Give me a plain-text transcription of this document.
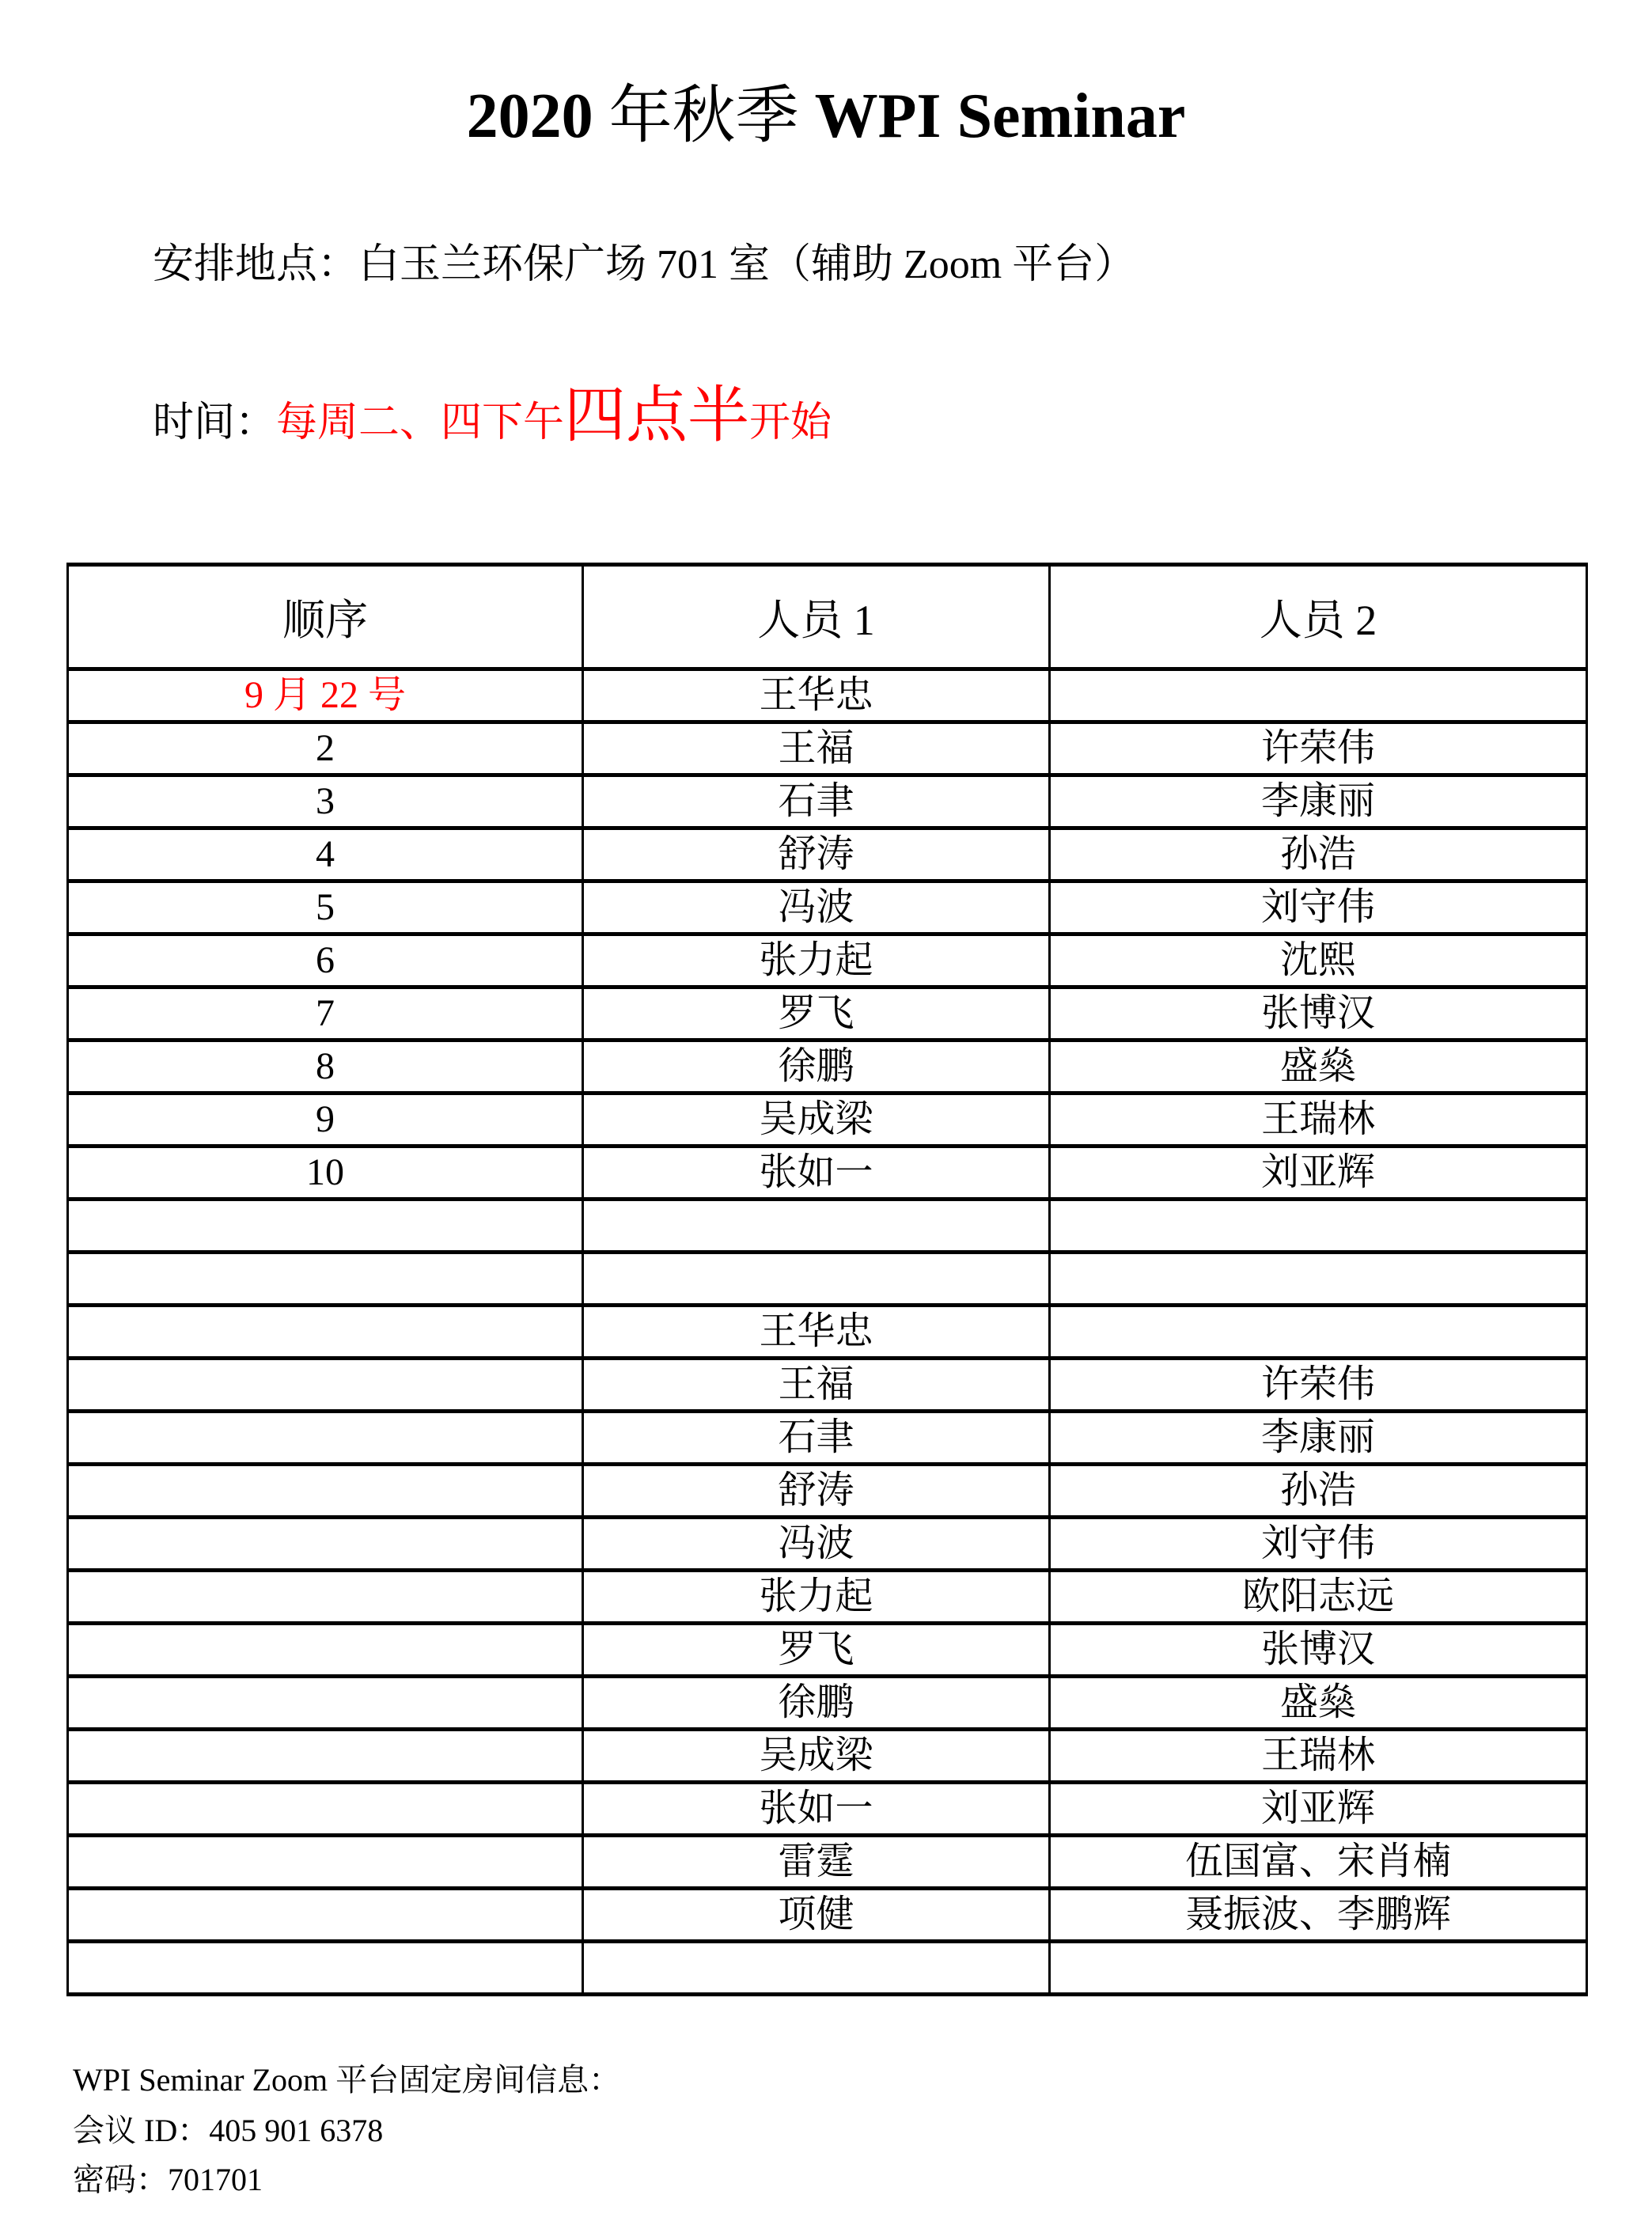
2020 年秋季 WPI Seminar
安排地点：白玉兰环保广场 701 室（辅助 Zoom 平台）
时间：每周二、四下午四点半开始
顺序	人员 1	人员 2
9 月 22 号	王华忠	
2	王福	许荣伟
3	石聿	李康丽
4	舒涛	孙浩
5	冯波	刘守伟
6	张力起	沈熙
7	罗飞	张博汉
8	徐鹏	盛燊
9	吴成梁	王瑞林
10	张如一	刘亚辉

	王华忠	
	王福	许荣伟
	石聿	李康丽
	舒涛	孙浩
	冯波	刘守伟
	张力起	欧阳志远
	罗飞	张博汉
	徐鹏	盛燊
	吴成梁	王瑞林
	张如一	刘亚辉
	雷霆	伍国富、宋肖楠
	项健	聂振波、李鹏辉

WPI Seminar Zoom 平台固定房间信息：
会议 ID：405 901 6378
密码：701701
